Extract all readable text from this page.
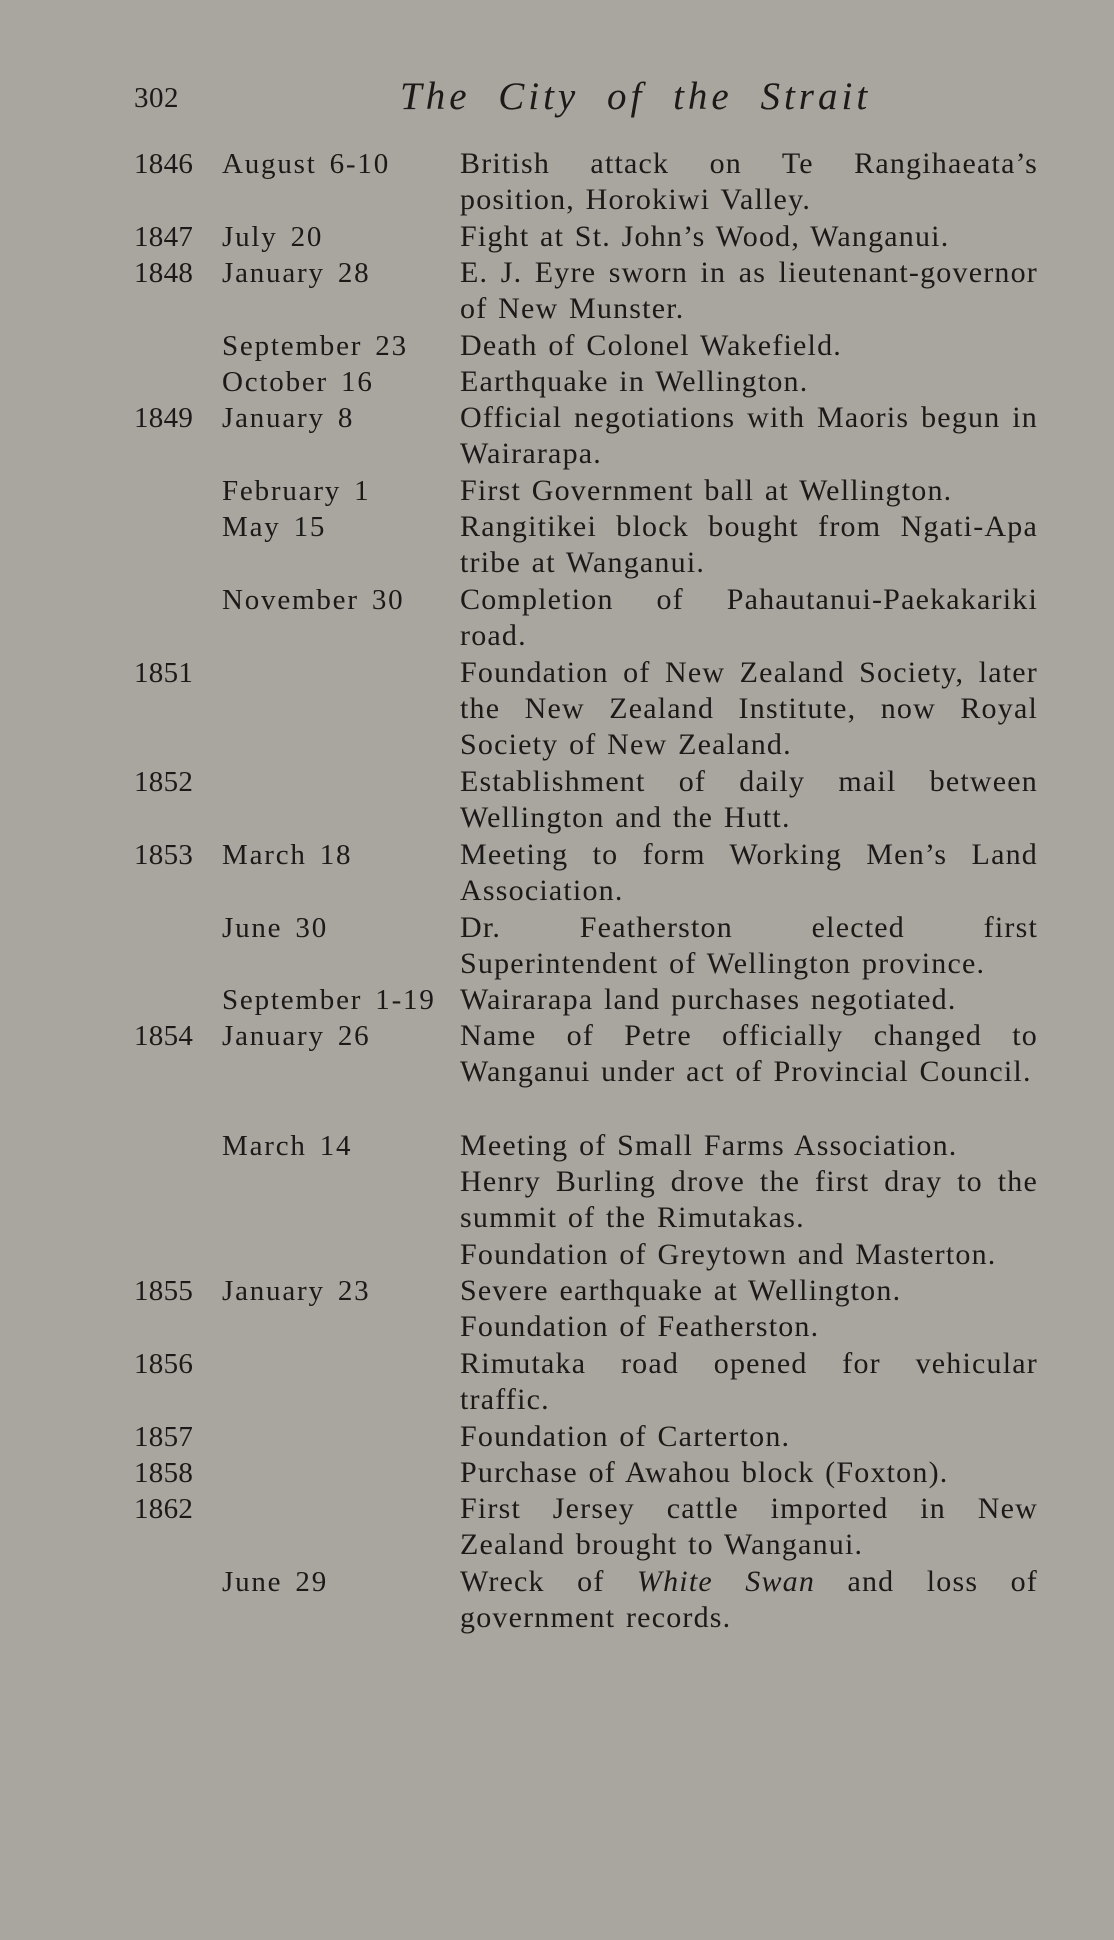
302	The City of the Strait
1846 August 6-10 British attack on Te Rangihaeata’s position, Horokiwi Valley.
1847 July 20	Fight at St. John’s Wood, Wanganui.
1848 January 28	E. J. Eyre sworn in as lieutenant-governor of New Munster.
September 23 Death of Colonel Wakefield.
October 16	Earthquake in Wellington.
1849 January 8	Official negotiations with Maoris begun in Wairarapa.
February 1	First Government ball at Wellington.
May 15	Rangitikei block bought from Ngati-Apa tribe at Wanganui.
November 30 Completion of Pahautanui-Paekakariki road.
1851	Foundation of New Zealand Society, later the New Zealand Institute, now Royal Society of New Zealand.
1852	Establishment of daily mail between Wellington and the Hutt.
1853 March 18	Meeting to form Working Men’s Land Association.
June 30	Dr. Featherston elected first Superintendent of Wellington province.
September 1-19 Wairarapa land purchases negotiated.
1854 January 26	Name of Petre officially changed to Wanganui under act of Provincial Council.
March 14	Meeting of Small Farms Association.
Henry Burling drove the first dray to the summit of the Rimutakas.
Foundation of Greytown and Masterton.
1855 January 23	Severe earthquake at Wellington.
Foundation of Featherston.
1856	Rimutaka road opened for vehicular traffic.
1857	Foundation of Carterton.
1858	Purchase of Awahou block (Foxton).
1862	First Jersey cattle imported in New Zealand brought to Wanganui.
June 29	Wreck of White Swan and loss of government records.
